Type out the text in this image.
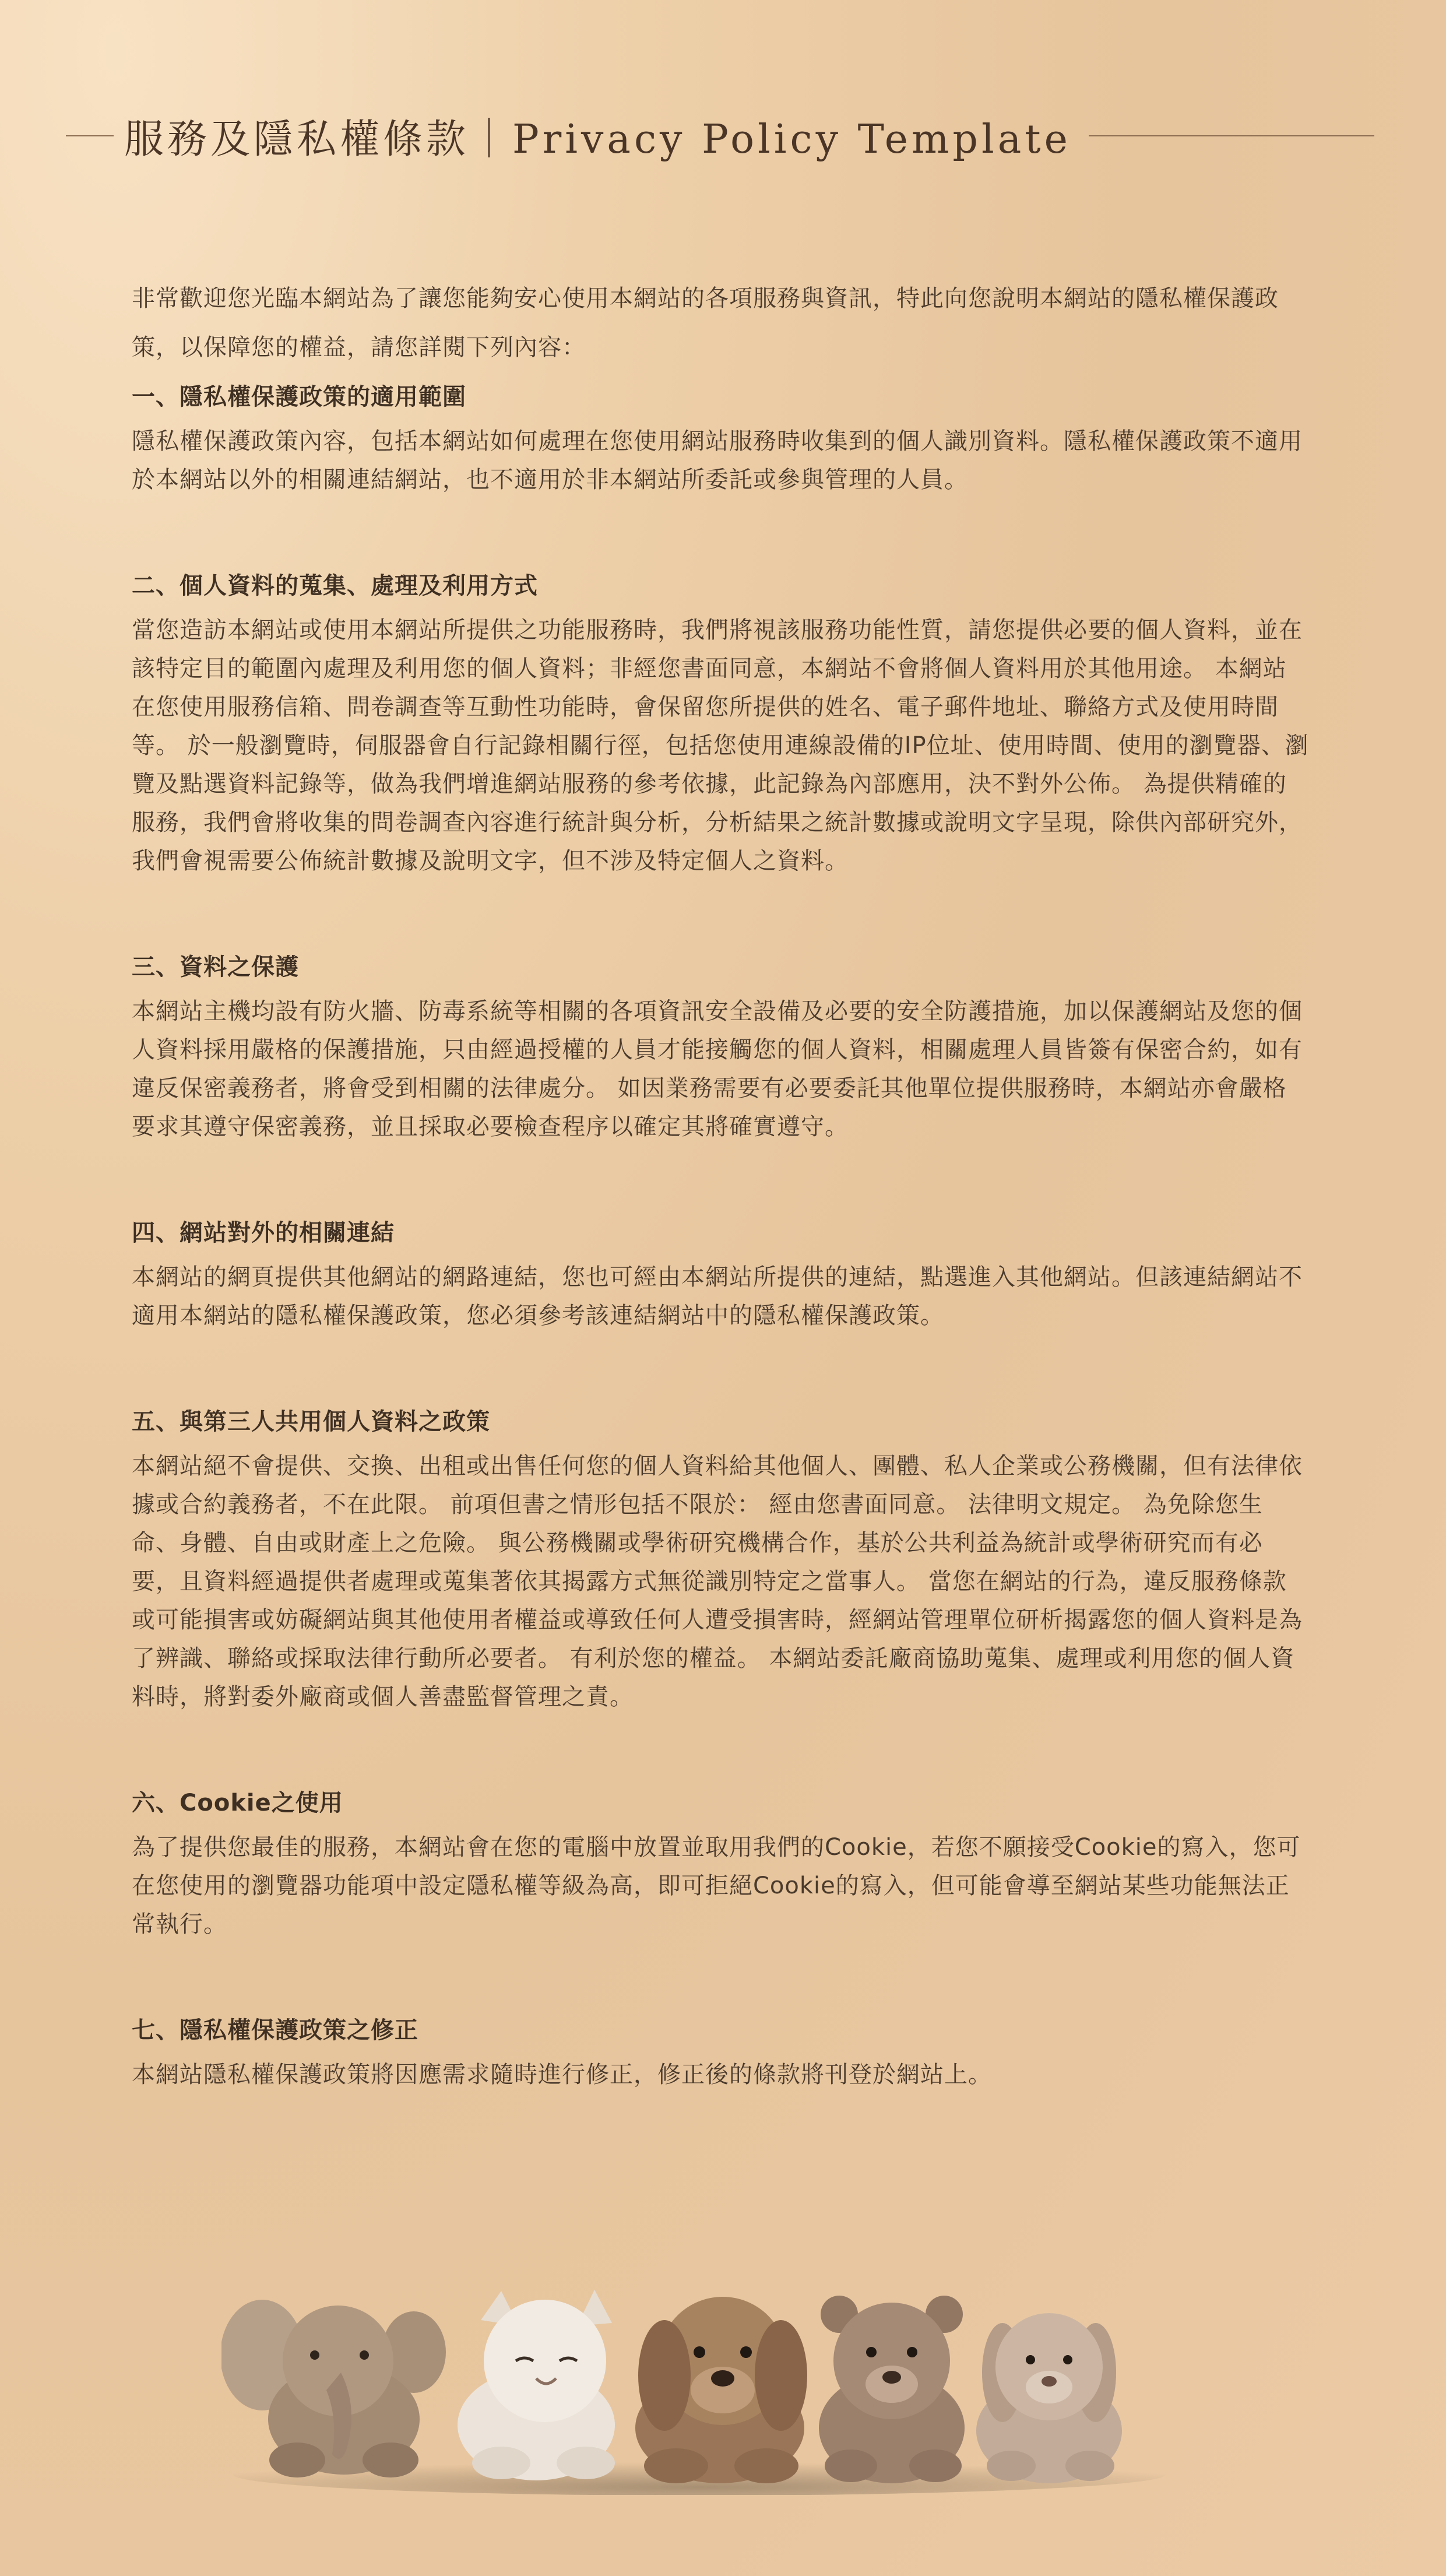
服務及隱私權條款｜Privacy Policy Template

非常歡迎您光臨本網站為了讓您能夠安心使用本網站的各項服務與資訊，特此向您說明本網站的隱私權保護政策，以保障您的權益，請您詳閱下列內容：

一、隱私權保護政策的適用範圍

隱私權保護政策內容，包括本網站如何處理在您使用網站服務時收集到的個人識別資料。隱私權保護政策不適用於本網站以外的相關連結網站，也不適用於非本網站所委託或參與管理的人員。

二、個人資料的蒐集、處理及利用方式

當您造訪本網站或使用本網站所提供之功能服務時，我們將視該服務功能性質，請您提供必要的個人資料，並在該特定目的範圍內處理及利用您的個人資料；非經您書面同意，本網站不會將個人資料用於其他用途。 本網站在您使用服務信箱、問卷調查等互動性功能時，會保留您所提供的姓名、電子郵件地址、聯絡方式及使用時間等。 於一般瀏覽時，伺服器會自行記錄相關行徑，包括您使用連線設備的IP位址、使用時間、使用的瀏覽器、瀏覽及點選資料記錄等，做為我們增進網站服務的參考依據，此記錄為內部應用，決不對外公佈。 為提供精確的服務，我們會將收集的問卷調查內容進行統計與分析，分析結果之統計數據或說明文字呈現，除供內部研究外，我們會視需要公佈統計數據及說明文字，但不涉及特定個人之資料。

三、資料之保護

本網站主機均設有防火牆、防毒系統等相關的各項資訊安全設備及必要的安全防護措施，加以保護網站及您的個人資料採用嚴格的保護措施，只由經過授權的人員才能接觸您的個人資料，相關處理人員皆簽有保密合約，如有違反保密義務者，將會受到相關的法律處分。 如因業務需要有必要委託其他單位提供服務時，本網站亦會嚴格要求其遵守保密義務，並且採取必要檢查程序以確定其將確實遵守。

四、網站對外的相關連結

本網站的網頁提供其他網站的網路連結，您也可經由本網站所提供的連結，點選進入其他網站。但該連結網站不適用本網站的隱私權保護政策，您必須參考該連結網站中的隱私權保護政策。

五、與第三人共用個人資料之政策

本網站絕不會提供、交換、出租或出售任何您的個人資料給其他個人、團體、私人企業或公務機關，但有法律依據或合約義務者，不在此限。 前項但書之情形包括不限於： 經由您書面同意。 法律明文規定。 為免除您生命、身體、自由或財產上之危險。 與公務機關或學術研究機構合作，基於公共利益為統計或學術研究而有必要，且資料經過提供者處理或蒐集著依其揭露方式無從識別特定之當事人。 當您在網站的行為，違反服務條款或可能損害或妨礙網站與其他使用者權益或導致任何人遭受損害時，經網站管理單位研析揭露您的個人資料是為了辨識、聯絡或採取法律行動所必要者。 有利於您的權益。 本網站委託廠商協助蒐集、處理或利用您的個人資料時，將對委外廠商或個人善盡監督管理之責。

六、Cookie之使用

為了提供您最佳的服務，本網站會在您的電腦中放置並取用我們的Cookie，若您不願接受Cookie的寫入，您可在您使用的瀏覽器功能項中設定隱私權等級為高，即可拒絕Cookie的寫入，但可能會導至網站某些功能無法正常執行。

七、隱私權保護政策之修正

本網站隱私權保護政策將因應需求隨時進行修正，修正後的條款將刊登於網站上。
